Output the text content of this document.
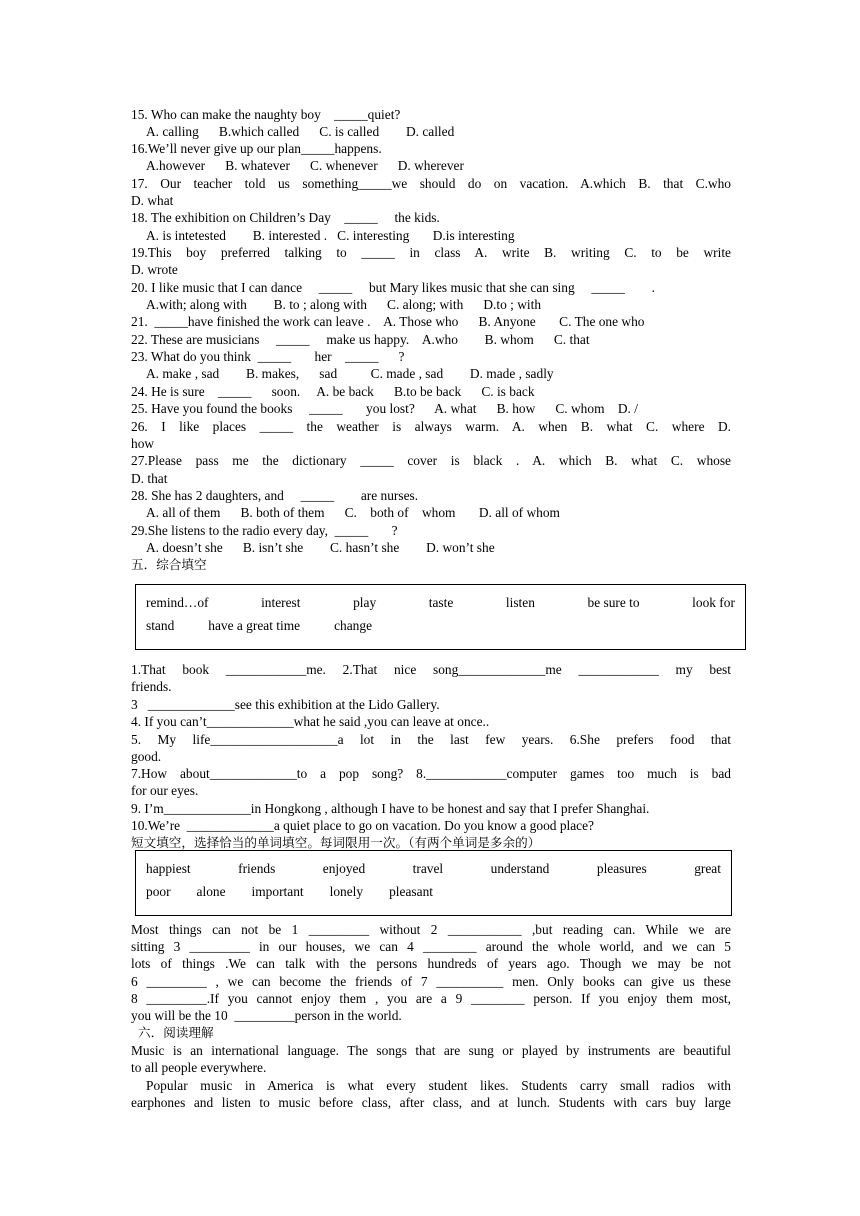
15. Who can make the naughty boy    _____quiet?
A. calling      B.which called      C. is called        D. called
16.We’ll never give up our plan_____happens.
A.however      B. whatever      C. whenever      D. wherever
17. Our teacher told us something_____we should do on vacation. A.which B. that C.who
D. what
18. The exhibition on Children’s Day    _____     the kids.
A. is intetested        B. interested .   C. interesting       D.is interesting
19.This boy preferred talking to _____ in class A. write B. writing C. to be write
D. wrote
20. I like music that I can dance     _____     but Mary likes music that she can sing     _____        .
A.with; along with        B. to ; along with      C. along; with      D.to ; with
21.  _____have finished the work can leave .    A. Those who      B. Anyone       C. The one who
22. These are musicians     _____     make us happy.    A.who        B. whom      C. that
23. What do you think  _____       her    _____      ?
A. make , sad        B. makes,      sad          C. made , sad        D. made , sadly
24. He is sure    _____      soon.     A. be back      B.to be back      C. is back
25. Have you found the books     _____       you lost?      A. what      B. how      C. whom    D. /
26. I like places _____ the weather is always warm. A. when B. what C. where D.
how
27.Please pass me the dictionary _____ cover is black . A. which B. what C. whose
D. that
28. She has 2 daughters, and     _____        are nurses.
A. all of them      B. both of them      C.    both of    whom       D. all of whom
29.She listens to the radio every day,  _____       ?
A. doesn’t she      B. isn’t she        C. hasn’t she        D. won’t she
五．综合填空
remind…of	interest	play	taste	listen	be sure to	look for
stand	have a great time	change
1.That book ____________me. 2.That nice song_____________me ____________ my best
friends.
3   _____________see this exhibition at the Lido Gallery.
4. If you can’t_____________what he said ,you can leave at once..
5. My life___________________a lot in the last few years. 6.She prefers food that
good.
7.How about_____________to a pop song? 8.____________computer games too much is bad
for our eyes.
9. I’m_____________in Hongkong , although I have to be honest and say that I prefer Shanghai.
10.We’re  _____________a quiet place to go on vacation. Do you know a good place?
短文填空，选择恰当的单词填空。每词限用一次。（有两个单词是多余的）
happiest	friends	enjoyed	travel	understand	pleasures	great
poor alone important lonely pleasant
Most things can not be 1 _________ without 2 ___________ ,but reading can. While we are
sitting 3 _________ in our houses, we can 4 ________ around the whole world, and we can 5
lots of things .We can talk with the persons hundreds of years ago. Though we may be not
6 _________ , we can become the friends of 7 __________ men. Only books can give us these
8 _________.If you cannot enjoy them , you are a 9 ________ person. If you enjoy them most,
you will be the 10  _________person in the world.
六．阅读理解
Music is an international language. The songs that are sung or played by instruments are beautiful
to all people everywhere.
Popular music in America is what every student likes. Students carry small radios with
earphones and listen to music before class, after class, and at lunch. Students with cars buy large
